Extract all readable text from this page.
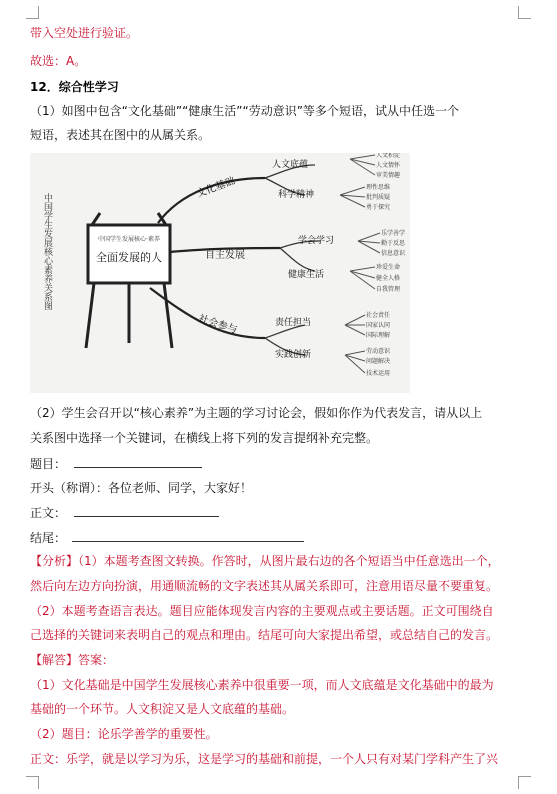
带入空处进行验证。
故选：A。
12．综合性学习
（1）如图中包含“文化基础”“健康生活”“劳动意识”等多个短语，试从中任选一个
短语，表述其在图中的从属关系。
中国学生发展核心素养关系图	中国学生发展核心·素养
全面发展的人
文化基础
自主发展
社会参与
人文底蕴
科学精神
学会学习
健康生活
责任担当
实践创新
人文积淀
人文情怀
审美情趣
理性思维
批判质疑
勇于探究
乐学善学
勤于反思
信息意识
珍爱生命
健全人格
自我管理
社会责任
国家认同
国际理解
劳动意识
问题解决
技术运用
（2）学生会召开以“核心素养”为主题的学习讨论会，假如你作为代表发言，请从以上
关系图中选择一个关键词，在横线上将下列的发言提纲补充完整。
题目：
开头（称谓）：各位老师、同学，大家好！
正文：
结尾：
【分析】（1）本题考查图文转换。作答时，从图片最右边的各个短语当中任意选出一个，
然后向左边方向扮演，用通顺流畅的文字表述其从属关系即可，注意用语尽量不要重复。
（2）本题考查语言表达。题目应能体现发言内容的主要观点或主要话题。正文可围绕自
己选择的关键词来表明自己的观点和理由。结尾可向大家提出希望，或总结自己的发言。
【解答】答案：
（1）文化基础是中国学生发展核心素养中很重要一项，而人文底蕴是文化基础中的最为
基础的一个环节。人文积淀又是人文底蕴的基础。
（2）题目：论乐学善学的重要性。
正文：乐学，就是以学习为乐，这是学习的基础和前提，一个人只有对某门学科产生了兴
